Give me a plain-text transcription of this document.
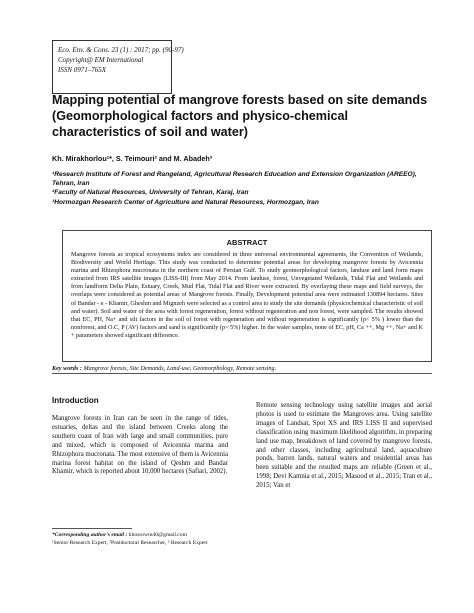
Eco. Env. & Cons. 23 (1) : 2017; pp. (90-97)
Copyright@ EM International
ISSN 0971–765X
Mapping potential of mangrove forests based on site demands (Geomorphological factors and physico-chemical characteristics of soil and water)
Kh. Mirakhorlou¹*, S. Teimouri² and M. Abadeh³
¹Research Institute of Forest and Rangeland, Agricultural Research Education and Extension Organization (AREEO), Tehran, Iran
²Faculty of Natural Resources, University of Tehran, Karaj, Iran
³Hormozgan Research Center of Agriculture and Natural Resources, Hormozgan, Iran
ABSTRACT
Mangrove forests as tropical ecosystems index are considered in three universal environmental agreements, the Convention of Wetlands, Biodiversity and World Heritage. This study was conducted to determine potential areas for developing mangrove forests by Avicennia marina and Rhizophora mucronata in the northern coast of Persian Gulf. To study geomorphological factors, landuse and land form maps extracted from IRS satellite images (LISS-III) from May 2014. From landuse, forest, Unvegetated Wetlands, Tidal Flat and Wetlands and from landform Delta Plain, Estuary, Creek, Mud Flat, Tidal Flat and River were extracted. By overlaying these maps and field surveys, the overlaps were considered as potential areas of Mangrove forests. Finally, Development potential area were estimated 130894 hectares. Sites of Bandar - e - Khamir, Gheshm and Mignzeh were selected as a control area to study the site demands (physicochemical characteristic of soil and water). Soil and water of the area with forest regeneration, forest without regeneration and non forest, were sampled. The results showed that EC, PH, Na+ and silt factors in the soil of forest with regeneration and without regeneration is significantly (p< 5% ) lower than the nonforest, and O.C, P (AV) factors and sand is significantly (p< 5%) higher. In the water samples, none of EC, pH, Ca ++, Mg ++, Na+ and K + parameters showed significant difference.
Key words : Mangrove forests, Site Demands, Land-use, Geomorphology, Remote sensing.
Introduction
Mangrove forests in Iran can be seen in the range of tides, estuaries, deltas and the island between Creeks along the southern coast of Iran with large and small communities, pure and mixed, which is composed of Avicennia marina and Rhizophora mucronata. The most extensive of them is Avicennia marina forest habitat on the island of Qeshm and Bandar Khamir, which is reported about 10,000 hectares (Safiari, 2002).
Remote sensing technology using satellite images and aerial photos is used to estimate the Mangroves area. Using satellite images of Landsat, Spot XS and IRS LISS II and supervised classification using maximum likelihood algorithm, in preparing land use map, breakdown of land covered by mangrove forests, and other classes, including agricultural land, aquaculture ponds, barren lands, natural waters and residential areas has been suitable and the resulted maps are reliable (Green et al., 1998; Devi Kamnia et al., 2015; Masood et al., 2015; Tran et al., 2015; Van et
*Corresponding author's email : khosrowm40@gmail.com
¹Senior Research Expert, ²Postdoctoral Researcher, ³ Research Expert
